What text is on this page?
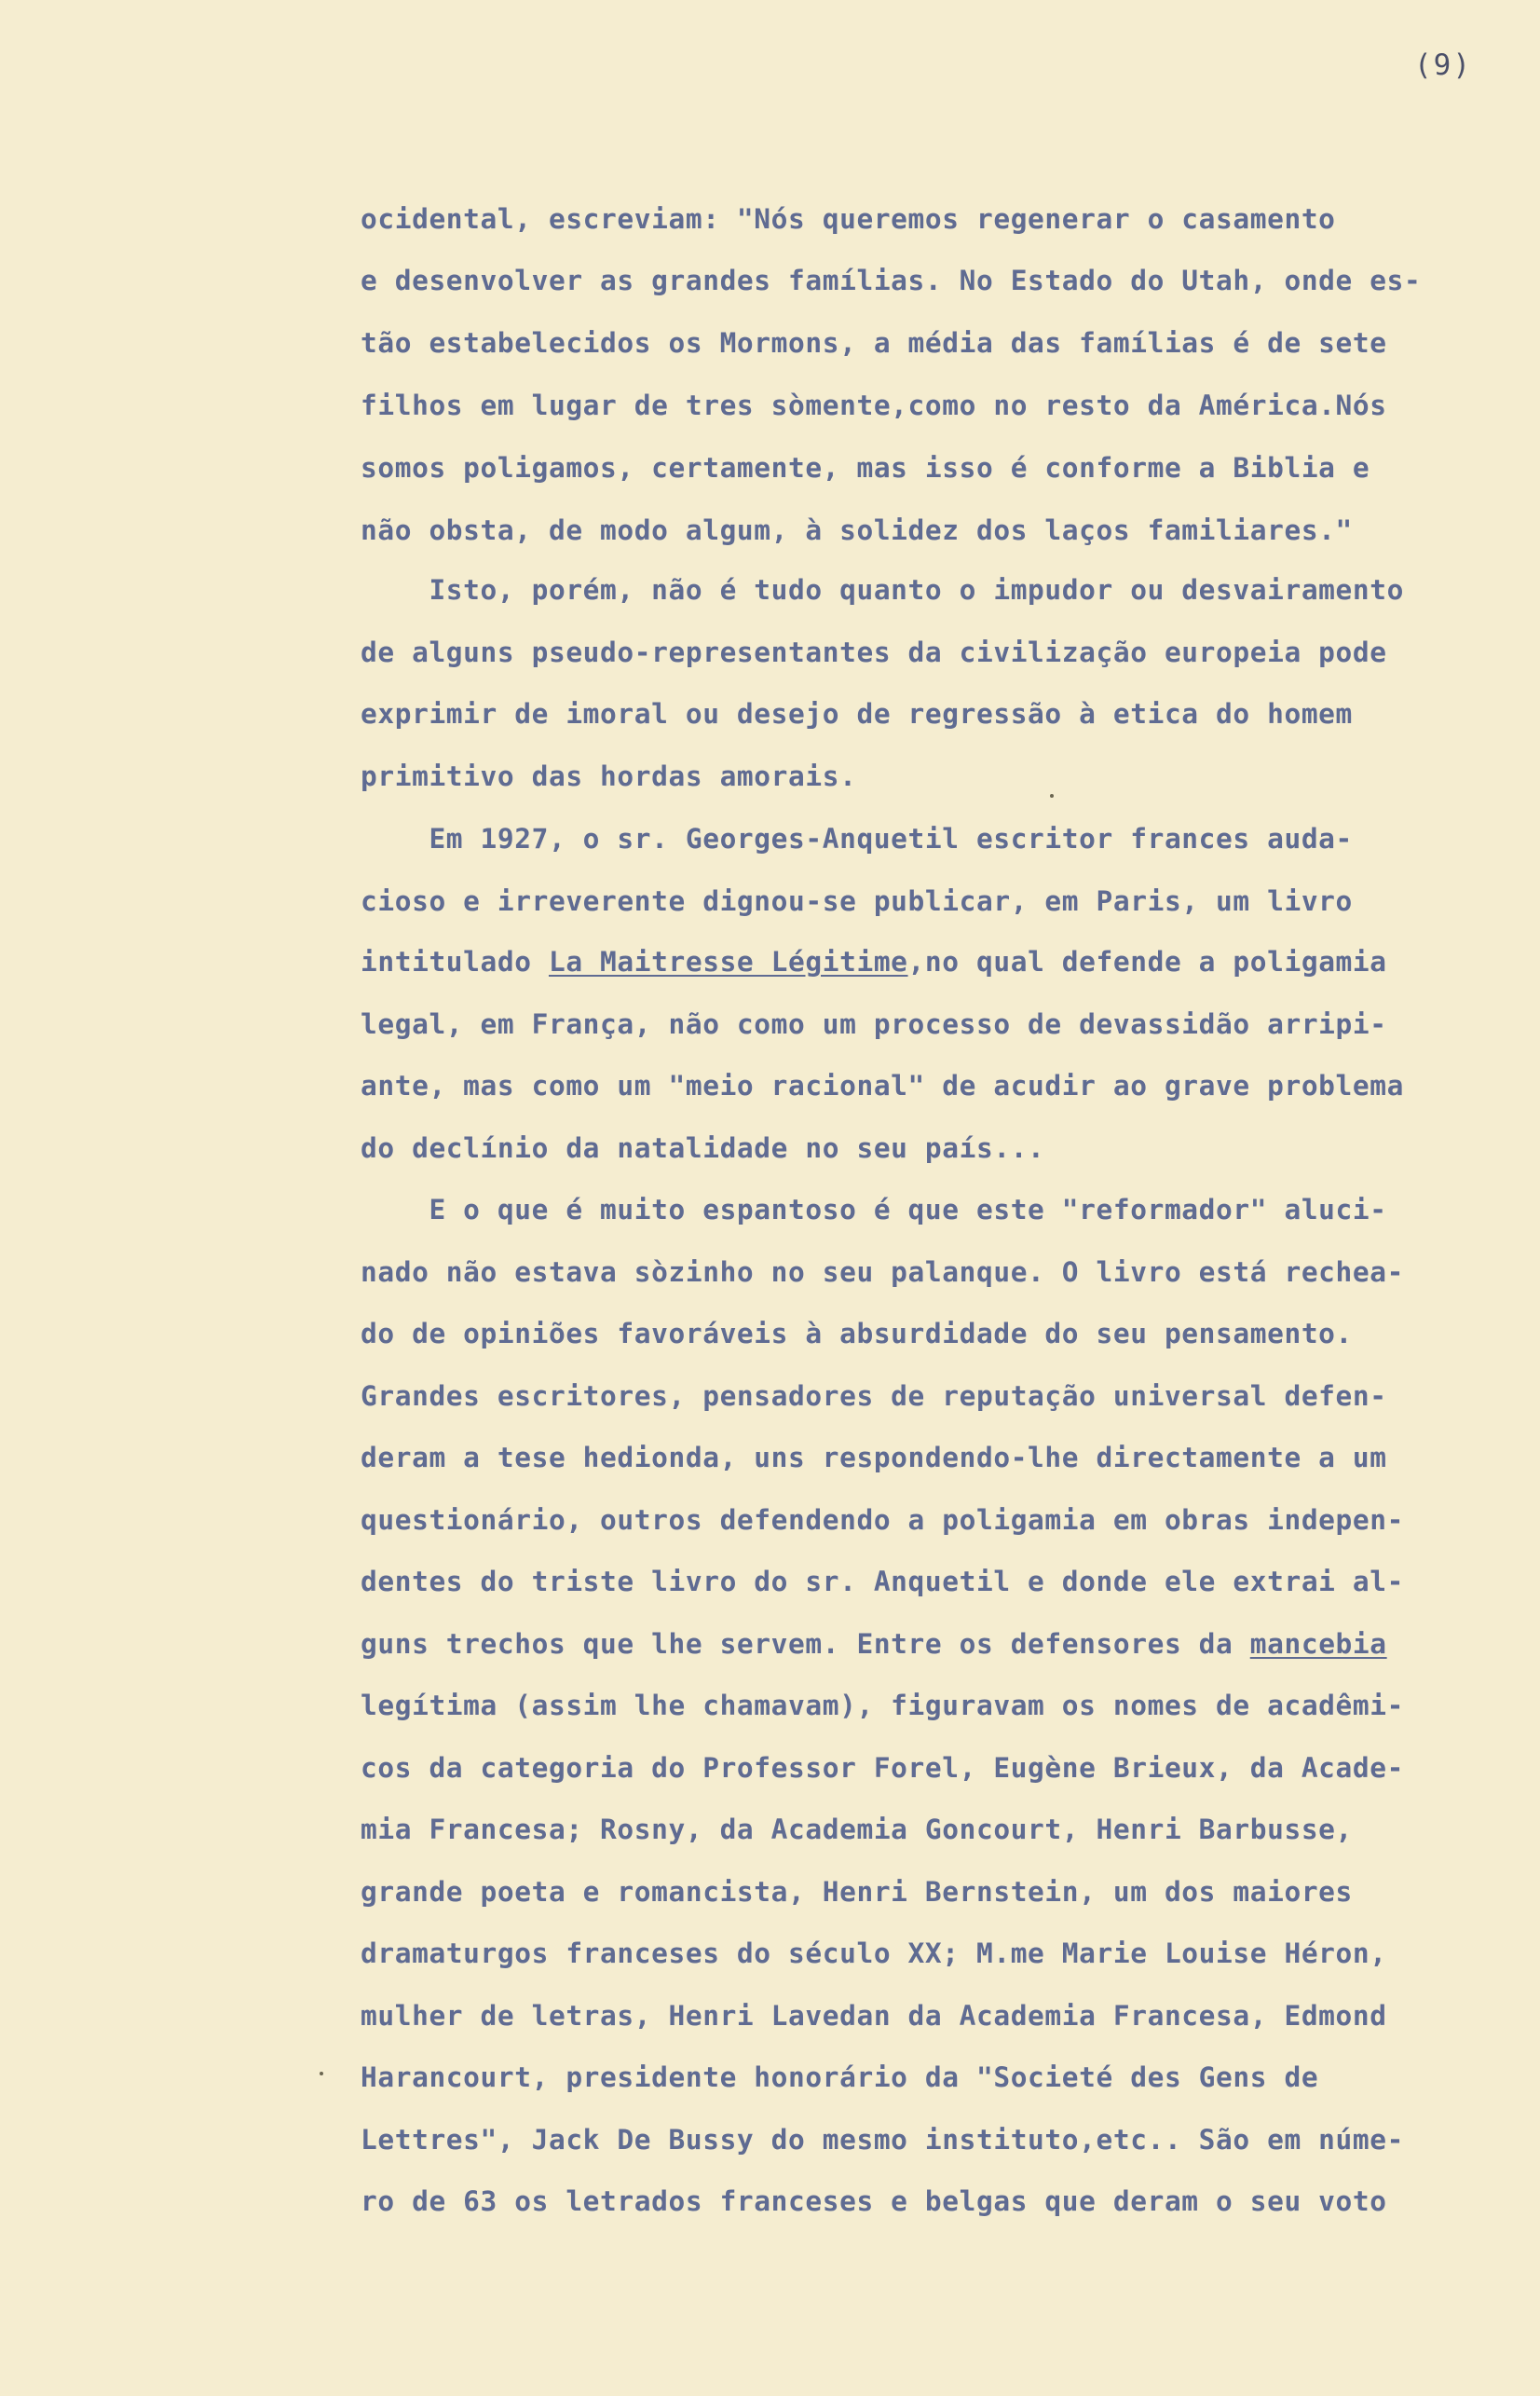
(9)
ocidental, escreviam: "Nós queremos regenerar o casamento
e desenvolver as grandes famílias. No Estado do Utah, onde es-
tão estabelecidos os Mormons, a média das famílias é de sete
filhos em lugar de tres sòmente,como no resto da América.Nós
somos poligamos, certamente, mas isso é conforme a Biblia e
não obsta, de modo algum, à solidez dos laços familiares."
Isto, porém, não é tudo quanto o impudor ou desvairamento
de alguns pseudo-representantes da civilização europeia pode
exprimir de imoral ou desejo de regressão à etica do homem
primitivo das hordas amorais.
Em 1927, o sr. Georges-Anquetil escritor frances auda-
cioso e irreverente dignou-se publicar, em Paris, um livro
intitulado La Maitresse Légitime,no qual defende a poligamia
legal, em França, não como um processo de devassidão arripi-
ante, mas como um "meio racional" de acudir ao grave problema
do declínio da natalidade no seu país...
E o que é muito espantoso é que este "reformador" aluci-
nado não estava sòzinho no seu palanque. O livro está rechea-
do de opiniões favoráveis à absurdidade do seu pensamento.
Grandes escritores, pensadores de reputação universal defen-
deram a tese hedionda, uns respondendo-lhe directamente a um
questionário, outros defendendo a poligamia em obras indepen-
dentes do triste livro do sr. Anquetil e donde ele extrai al-
guns trechos que lhe servem. Entre os defensores da mancebia
legítima (assim lhe chamavam), figuravam os nomes de acadêmi-
cos da categoria do Professor Forel, Eugène Brieux, da Acade-
mia Francesa; Rosny, da Academia Goncourt, Henri Barbusse,
grande poeta e romancista, Henri Bernstein, um dos maiores
dramaturgos franceses do século XX; M.me Marie Louise Héron,
mulher de letras, Henri Lavedan da Academia Francesa, Edmond
Harancourt, presidente honorário da "Societé des Gens de
Lettres", Jack De Bussy do mesmo instituto,etc.. São em núme-
ro de 63 os letrados franceses e belgas que deram o seu voto
